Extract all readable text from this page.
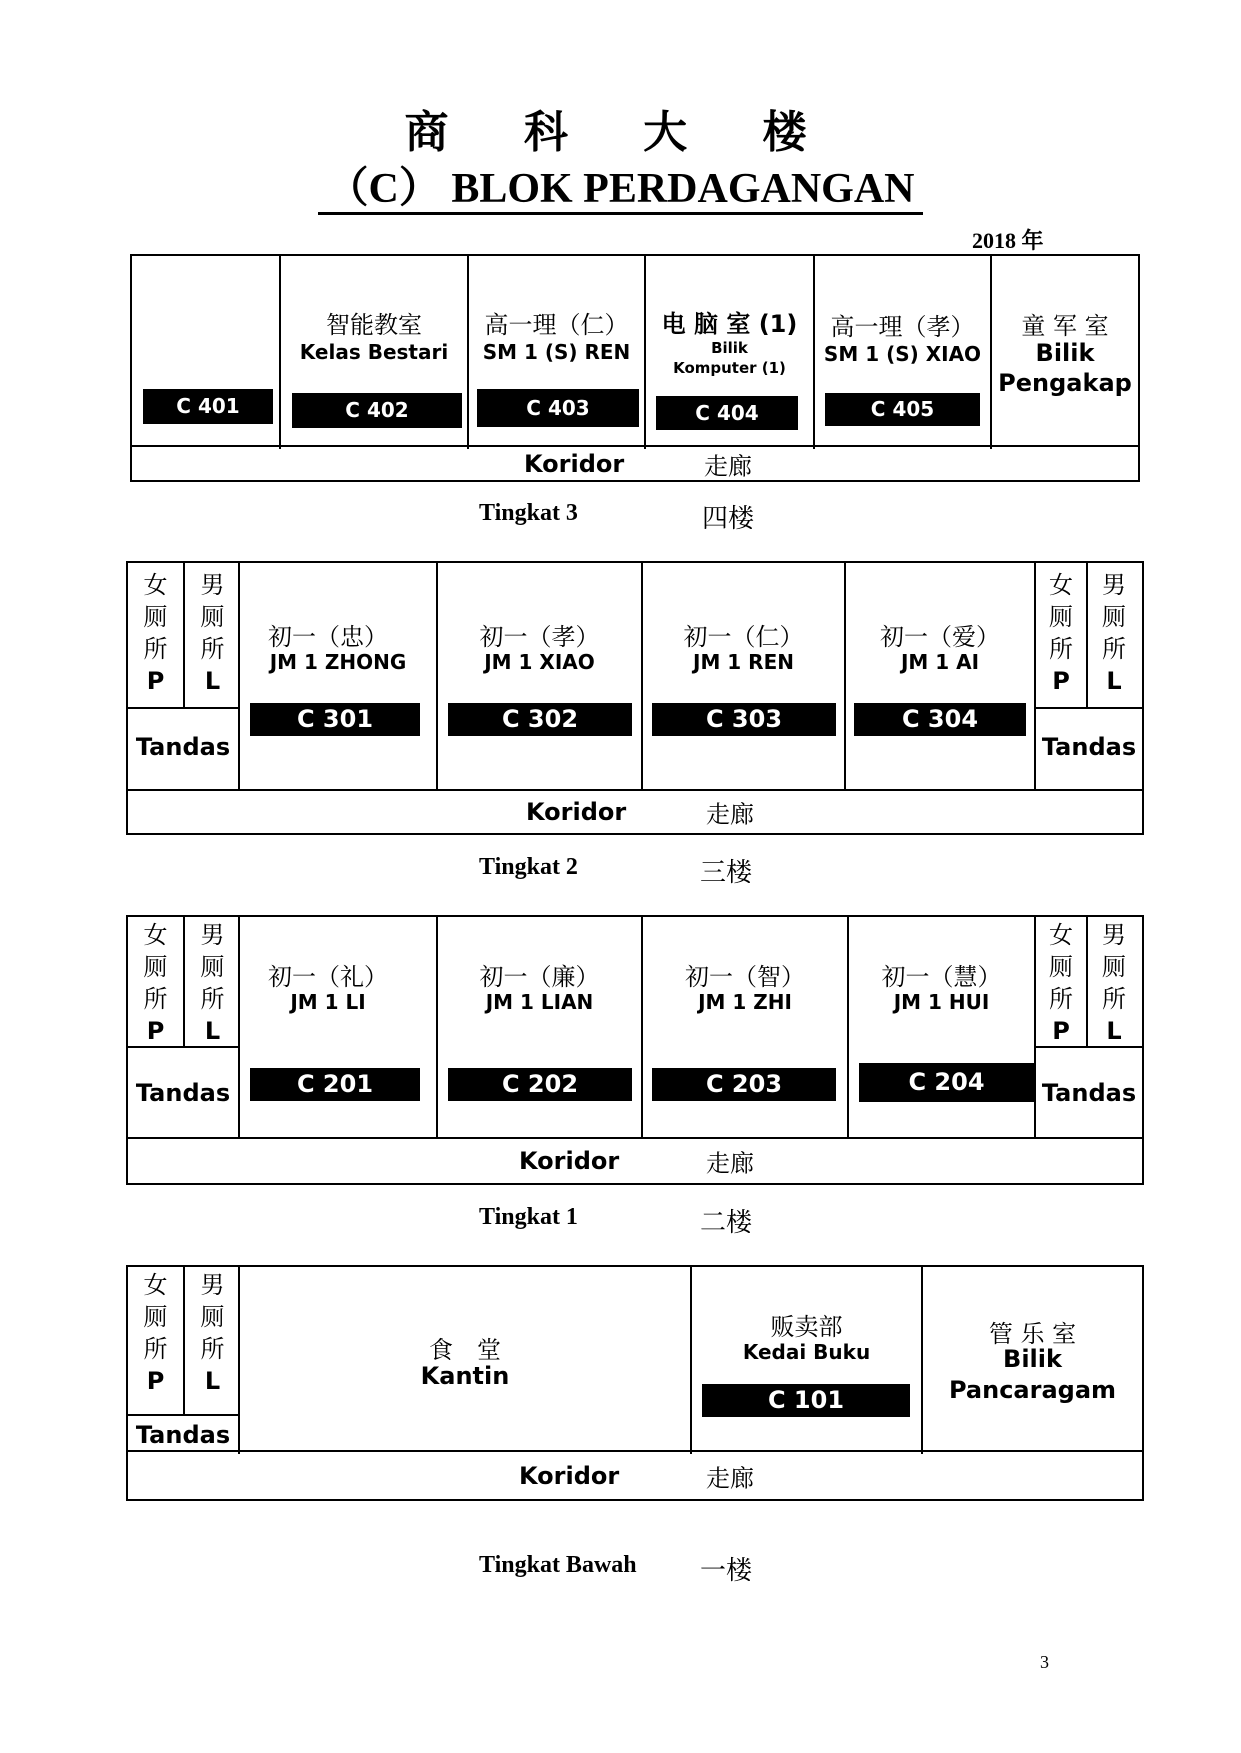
商 科 大 楼
（C） BLOK PERDAGANGAN
2018 年
C 401
智能教室
Kelas Bestari
C 402
高一理（仁）
SM 1 (S) REN
C 403
电 脑 室 (1)
Bilik
Komputer (1)
C 404
高一理（孝）
SM 1 (S) XIAO
C 405
童 军 室
Bilik
Pengakap
Koridor	走廊
Tingkat 3	四楼
女
厕
所
P
男
厕
所
L
Tandas
初一（忠）
JM 1 ZHONG
C 301
初一（孝）
JM 1 XIAO
C 302
初一（仁）
JM 1 REN
C 303
初一（爱）
JM 1 AI
C 304
女
厕
所
P
男
厕
所
L
Tandas
Koridor	走廊
Tingkat 2	三楼
女
厕
所
P
男
厕
所
L
Tandas
初一（礼）
JM 1 LI
C 201
初一（廉）
JM 1 LIAN
C 202
初一（智）
JM 1 ZHI
C 203
初一（慧）
JM 1 HUI
C 204
女
厕
所
P
男
厕
所
L
Tandas
Koridor	走廊
Tingkat 1	二楼
女
厕
所
P
男
厕
所
L
Tandas
食　堂
Kantin
贩卖部
Kedai Buku
C 101
管 乐 室
Bilik
Pancaragam
Koridor	走廊
Tingkat Bawah 一楼
3
